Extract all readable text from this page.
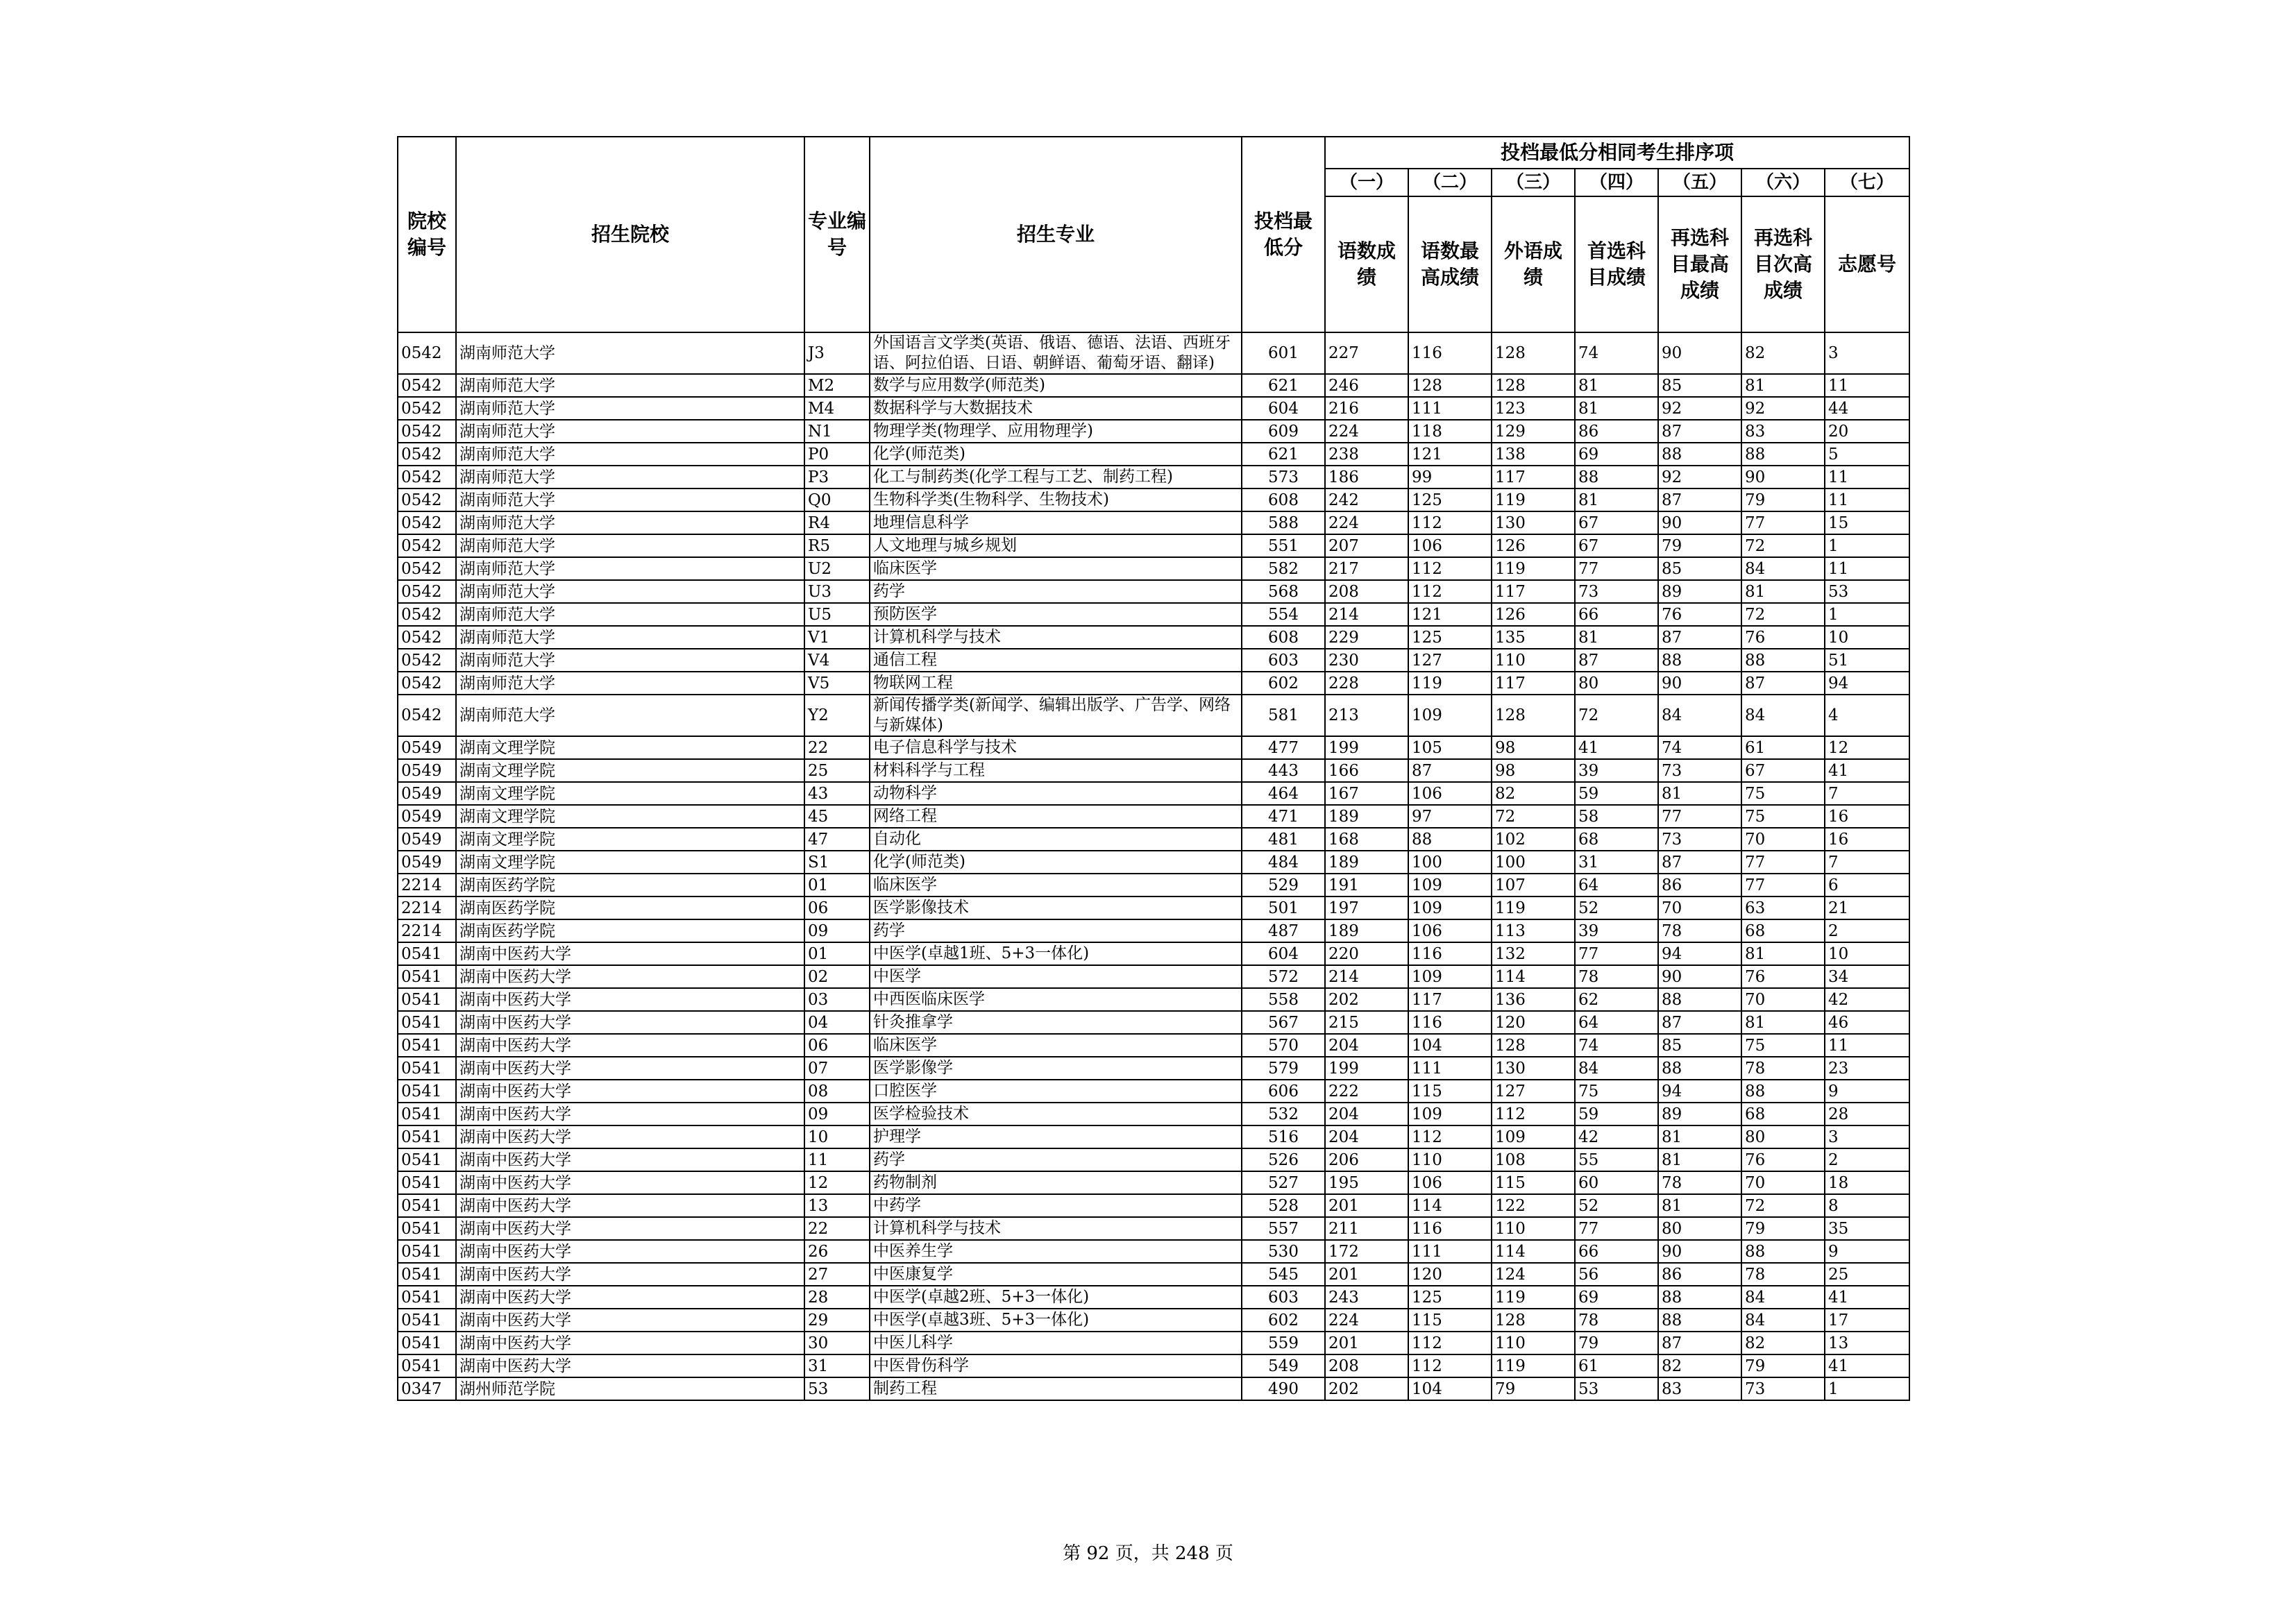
院校编号	招生院校	专业编号	招生专业	投档最低分	投档最低分相同考生排序项						
					（一）	（二）	（三）	（四）	（五）	（六）	（七）
					语数成绩	语数最高成绩	外语成绩	首选科目成绩	再选科目最高成绩	再选科目次高成绩	志愿号
0542	湖南师范大学	J3	外国语言文学类(英语、俄语、德语、法语、西班牙语、阿拉伯语、日语、朝鲜语、葡萄牙语、翻译)	601	227	116	128	74	90	82	3
0542	湖南师范大学	M2	数学与应用数学(师范类)	621	246	128	128	81	85	81	11
0542	湖南师范大学	M4	数据科学与大数据技术	604	216	111	123	81	92	92	44
0542	湖南师范大学	N1	物理学类(物理学、应用物理学)	609	224	118	129	86	87	83	20
0542	湖南师范大学	P0	化学(师范类)	621	238	121	138	69	88	88	5
0542	湖南师范大学	P3	化工与制药类(化学工程与工艺、制药工程)	573	186	99	117	88	92	90	11
0542	湖南师范大学	Q0	生物科学类(生物科学、生物技术)	608	242	125	119	81	87	79	11
0542	湖南师范大学	R4	地理信息科学	588	224	112	130	67	90	77	15
0542	湖南师范大学	R5	人文地理与城乡规划	551	207	106	126	67	79	72	1
0542	湖南师范大学	U2	临床医学	582	217	112	119	77	85	84	11
0542	湖南师范大学	U3	药学	568	208	112	117	73	89	81	53
0542	湖南师范大学	U5	预防医学	554	214	121	126	66	76	72	1
0542	湖南师范大学	V1	计算机科学与技术	608	229	125	135	81	87	76	10
0542	湖南师范大学	V4	通信工程	603	230	127	110	87	88	88	51
0542	湖南师范大学	V5	物联网工程	602	228	119	117	80	90	87	94
0542	湖南师范大学	Y2	新闻传播学类(新闻学、编辑出版学、广告学、网络与新媒体)	581	213	109	128	72	84	84	4
0549	湖南文理学院	22	电子信息科学与技术	477	199	105	98	41	74	61	12
0549	湖南文理学院	25	材料科学与工程	443	166	87	98	39	73	67	41
0549	湖南文理学院	43	动物科学	464	167	106	82	59	81	75	7
0549	湖南文理学院	45	网络工程	471	189	97	72	58	77	75	16
0549	湖南文理学院	47	自动化	481	168	88	102	68	73	70	16
0549	湖南文理学院	S1	化学(师范类)	484	189	100	100	31	87	77	7
2214	湖南医药学院	01	临床医学	529	191	109	107	64	86	77	6
2214	湖南医药学院	06	医学影像技术	501	197	109	119	52	70	63	21
2214	湖南医药学院	09	药学	487	189	106	113	39	78	68	2
0541	湖南中医药大学	01	中医学(卓越1班、5+3一体化)	604	220	116	132	77	94	81	10
0541	湖南中医药大学	02	中医学	572	214	109	114	78	90	76	34
0541	湖南中医药大学	03	中西医临床医学	558	202	117	136	62	88	70	42
0541	湖南中医药大学	04	针灸推拿学	567	215	116	120	64	87	81	46
0541	湖南中医药大学	06	临床医学	570	204	104	128	74	85	75	11
0541	湖南中医药大学	07	医学影像学	579	199	111	130	84	88	78	23
0541	湖南中医药大学	08	口腔医学	606	222	115	127	75	94	88	9
0541	湖南中医药大学	09	医学检验技术	532	204	109	112	59	89	68	28
0541	湖南中医药大学	10	护理学	516	204	112	109	42	81	80	3
0541	湖南中医药大学	11	药学	526	206	110	108	55	81	76	2
0541	湖南中医药大学	12	药物制剂	527	195	106	115	60	78	70	18
0541	湖南中医药大学	13	中药学	528	201	114	122	52	81	72	8
0541	湖南中医药大学	22	计算机科学与技术	557	211	116	110	77	80	79	35
0541	湖南中医药大学	26	中医养生学	530	172	111	114	66	90	88	9
0541	湖南中医药大学	27	中医康复学	545	201	120	124	56	86	78	25
0541	湖南中医药大学	28	中医学(卓越2班、5+3一体化)	603	243	125	119	69	88	84	41
0541	湖南中医药大学	29	中医学(卓越3班、5+3一体化)	602	224	115	128	78	88	84	17
0541	湖南中医药大学	30	中医儿科学	559	201	112	110	79	87	82	13
0541	湖南中医药大学	31	中医骨伤科学	549	208	112	119	61	82	79	41
0347	湖州师范学院	53	制药工程	490	202	104	79	53	83	73	1
第 92 页，共 248 页
